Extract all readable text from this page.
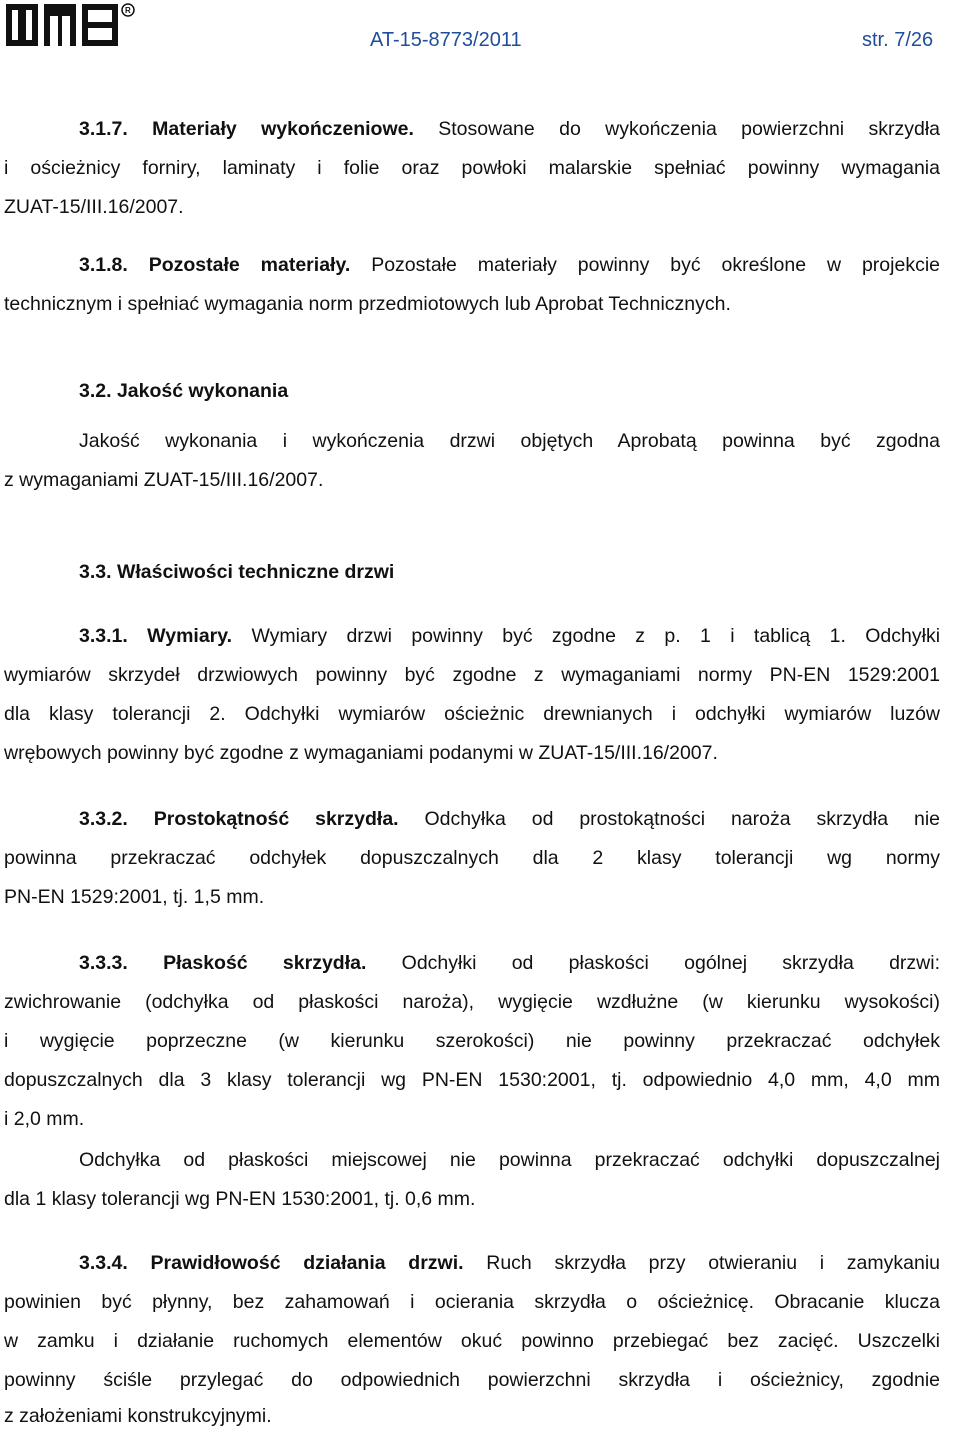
R
AT-15-8773/2011	str. 7/26

3.1.7. Materiały wykończeniowe. Stosowane do wykończenia powierzchni skrzydła

i ościeżnicy forniry, laminaty i folie oraz powłoki malarskie spełniać powinny wymagania

ZUAT-15/III.16/2007.

3.1.8. Pozostałe materiały. Pozostałe materiały powinny być określone w projekcie

technicznym i spełniać wymagania norm przedmiotowych lub Aprobat Technicznych.

3.2. Jakość wykonania

Jakość wykonania i wykończenia drzwi objętych Aprobatą powinna być zgodna

z wymaganiami ZUAT-15/III.16/2007.

3.3. Właściwości techniczne drzwi

3.3.1. Wymiary. Wymiary drzwi powinny być zgodne z p. 1 i tablicą 1. Odchyłki

wymiarów skrzydeł drzwiowych powinny być zgodne z wymaganiami normy PN-EN 1529:2001

dla klasy tolerancji 2. Odchyłki wymiarów ościeżnic drewnianych i odchyłki wymiarów luzów

wrębowych powinny być zgodne z wymaganiami podanymi w ZUAT-15/III.16/2007.

3.3.2. Prostokątność skrzydła. Odchyłka od prostokątności naroża skrzydła nie

powinna przekraczać odchyłek dopuszczalnych dla 2 klasy tolerancji wg normy

PN-EN 1529:2001, tj. 1,5 mm.

3.3.3. Płaskość skrzydła. Odchyłki od płaskości ogólnej skrzydła drzwi:

zwichrowanie (odchyłka od płaskości naroża), wygięcie wzdłużne (w kierunku wysokości)

i wygięcie poprzeczne (w kierunku szerokości) nie powinny przekraczać odchyłek

dopuszczalnych dla 3 klasy tolerancji wg PN-EN 1530:2001, tj. odpowiednio 4,0 mm, 4,0 mm

i 2,0 mm.

Odchyłka od płaskości miejscowej nie powinna przekraczać odchyłki dopuszczalnej

dla 1 klasy tolerancji wg PN-EN 1530:2001, tj. 0,6 mm.

3.3.4. Prawidłowość działania drzwi. Ruch skrzydła przy otwieraniu i zamykaniu

powinien być płynny, bez zahamowań i ocierania skrzydła o ościeżnicę. Obracanie klucza

w zamku i działanie ruchomych elementów okuć powinno przebiegać bez zacięć. Uszczelki

powinny ściśle przylegać do odpowiednich powierzchni skrzydła i ościeżnicy, zgodnie

z założeniami konstrukcyjnymi.
